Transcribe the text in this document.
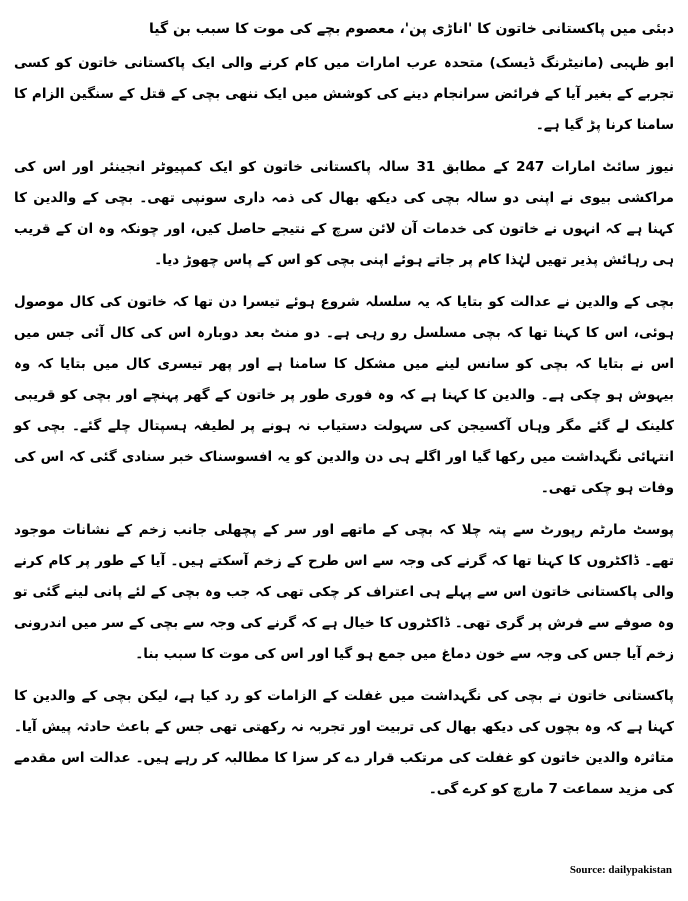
دبئی میں پاکستانی خاتون کا 'اناڑی پن'، معصوم بچے کی موت کا سبب بن گیا

ابو ظہبی (مانیٹرنگ ڈیسک) متحدہ عرب امارات میں کام کرنے والی ایک پاکستانی خاتون کو کسی تجربے کے بغیر آیا کے فرائض سرانجام دینے کی کوشش میں ایک ننھی بچی کے قتل کے سنگین الزام کا سامنا کرنا پڑ گیا ہے۔

نیوز سائٹ امارات 247 کے مطابق 31 سالہ پاکستانی خاتون کو ایک کمپیوٹر انجینئر اور اس کی مراکشی بیوی نے اپنی دو سالہ بچی کی دیکھ بھال کی ذمہ داری سونپی تھی۔ بچی کے والدین کا کہنا ہے کہ انہوں نے خاتون کی خدمات آن لائن سرچ کے نتیجے حاصل کیں، اور چونکہ وہ ان کے قریب ہی رہائش پذیر تھیں لہٰذا کام پر جاتے ہوئے اپنی بچی کو اس کے پاس چھوڑ دیا۔

بچی کے والدین نے عدالت کو بتایا کہ یہ سلسلہ شروع ہوئے تیسرا دن تھا کہ خاتون کی کال موصول ہوئی، اس کا کہنا تھا کہ بچی مسلسل رو رہی ہے۔ دو منٹ بعد دوبارہ اس کی کال آئی جس میں اس نے بتایا کہ بچی کو سانس لینے میں مشکل کا سامنا ہے اور پھر تیسری کال میں بتایا کہ وہ بیہوش ہو چکی ہے۔ والدین کا کہنا ہے کہ وہ فوری طور پر خاتون کے گھر پہنچے اور بچی کو قریبی کلینک لے گئے مگر وہاں آکسیجن کی سہولت دستیاب نہ ہونے پر لطیفہ ہسپتال چلے گئے۔ بچی کو انتہائی نگہداشت میں رکھا گیا اور اگلے ہی دن والدین کو یہ افسوسناک خبر سنادی گئی کہ اس کی وفات ہو چکی تھی۔

پوسٹ مارٹم رپورٹ سے پتہ چلا کہ بچی کے ماتھے اور سر کے پچھلی جانب زخم کے نشانات موجود تھے۔ ڈاکٹروں کا کہنا تھا کہ گرنے کی وجہ سے اس طرح کے زخم آسکتے ہیں۔ آیا کے طور پر کام کرنے والی پاکستانی خاتون اس سے پہلے ہی اعتراف کر چکی تھی کہ جب وہ بچی کے لئے پانی لینے گئی تو وہ صوفے سے فرش پر گری تھی۔ ڈاکٹروں کا خیال ہے کہ گرنے کی وجہ سے بچی کے سر میں اندرونی زخم آیا جس کی وجہ سے خون دماغ میں جمع ہو گیا اور اس کی موت کا سبب بنا۔

پاکستانی خاتون نے بچی کی نگہداشت میں غفلت کے الزامات کو رد کیا ہے، لیکن بچی کے والدین کا کہنا ہے کہ وہ بچوں کی دیکھ بھال کی تربیت اور تجربہ نہ رکھتی تھی جس کے باعث حادثہ پیش آیا۔ متاثرہ والدین خاتون کو غفلت کی مرتکب قرار دے کر سزا کا مطالبہ کر رہے ہیں۔ عدالت اس مقدمے کی مزید سماعت 7 مارچ کو کرے گی۔

Source: dailypakistan
